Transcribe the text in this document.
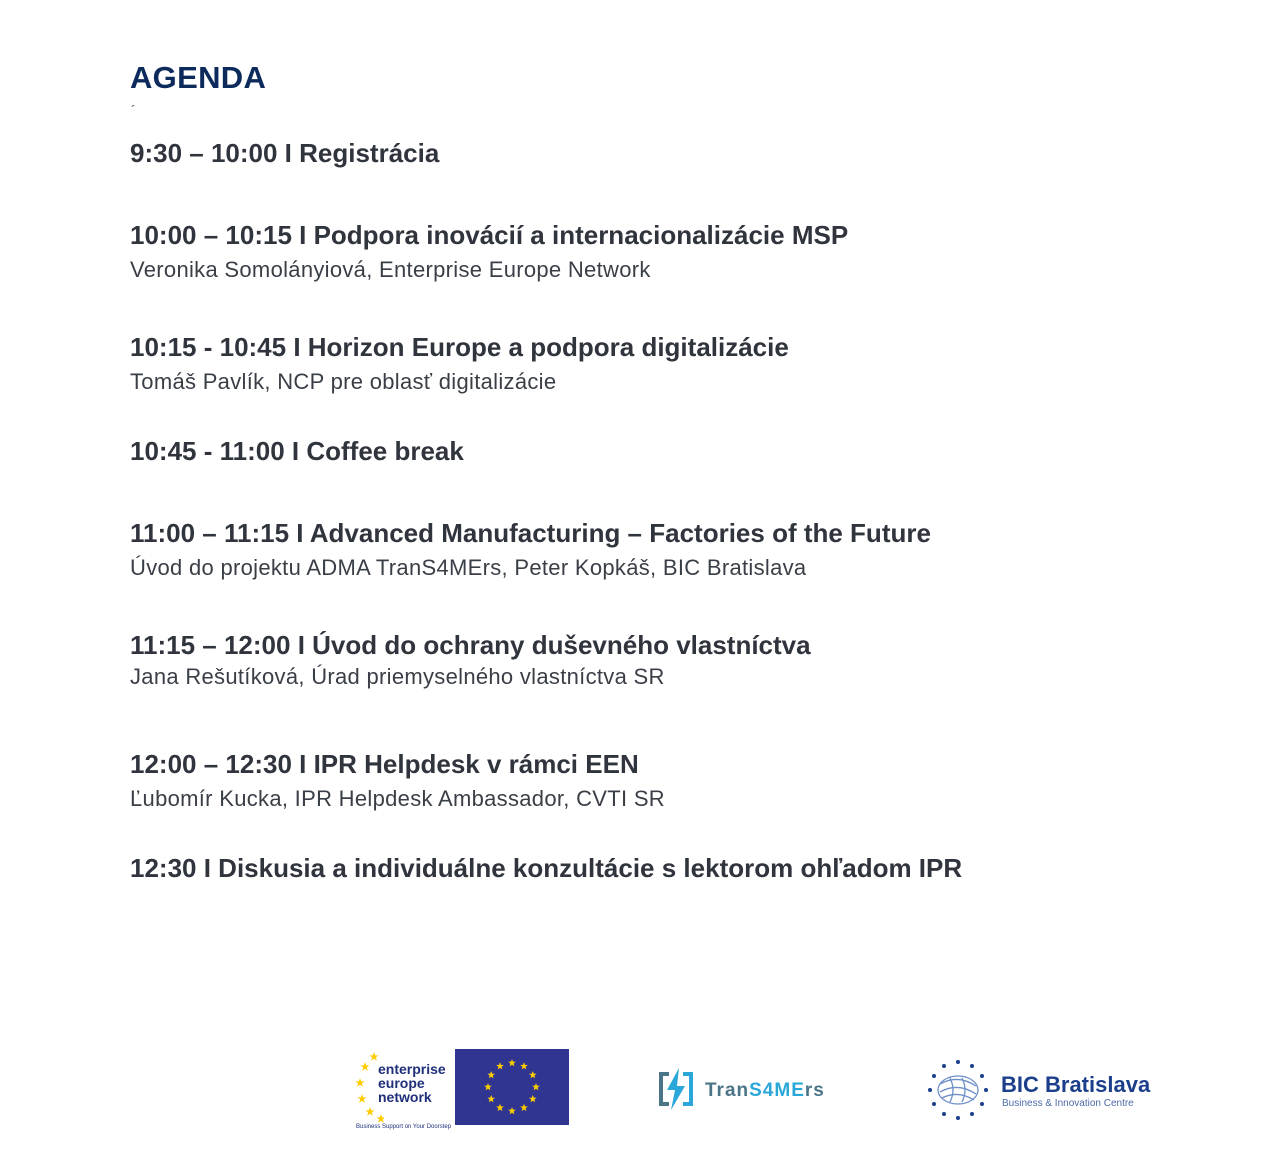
AGENDA
´
9:30 – 10:00 I Registrácia
10:00 – 10:15 I Podpora inovácií a internacionalizácie MSP
Veronika Somolányiová, Enterprise Europe Network
10:15 - 10:45 I Horizon Europe a podpora digitalizácie
Tomáš Pavlík, NCP pre oblasť digitalizácie
10:45 - 11:00 I Coffee break
11:00 – 11:15 I Advanced Manufacturing – Factories of the Future
Úvod do projektu ADMA TranS4MErs, Peter Kopkáš, BIC Bratislava
11:15 – 12:00 I Úvod do ochrany duševného vlastníctva
Jana Rešutíková, Úrad priemyselného vlastníctva SR
12:00 – 12:30 I IPR Helpdesk v rámci EEN
Ľubomír Kucka, IPR Helpdesk Ambassador, CVTI SR
12:30 I Diskusia a individuálne konzultácie s lektorom ohľadom IPR
enterprise
europe
network
Business Support on Your Doorstep
TranS4MErs	BIC Bratislava
Business & Innovation Centre
